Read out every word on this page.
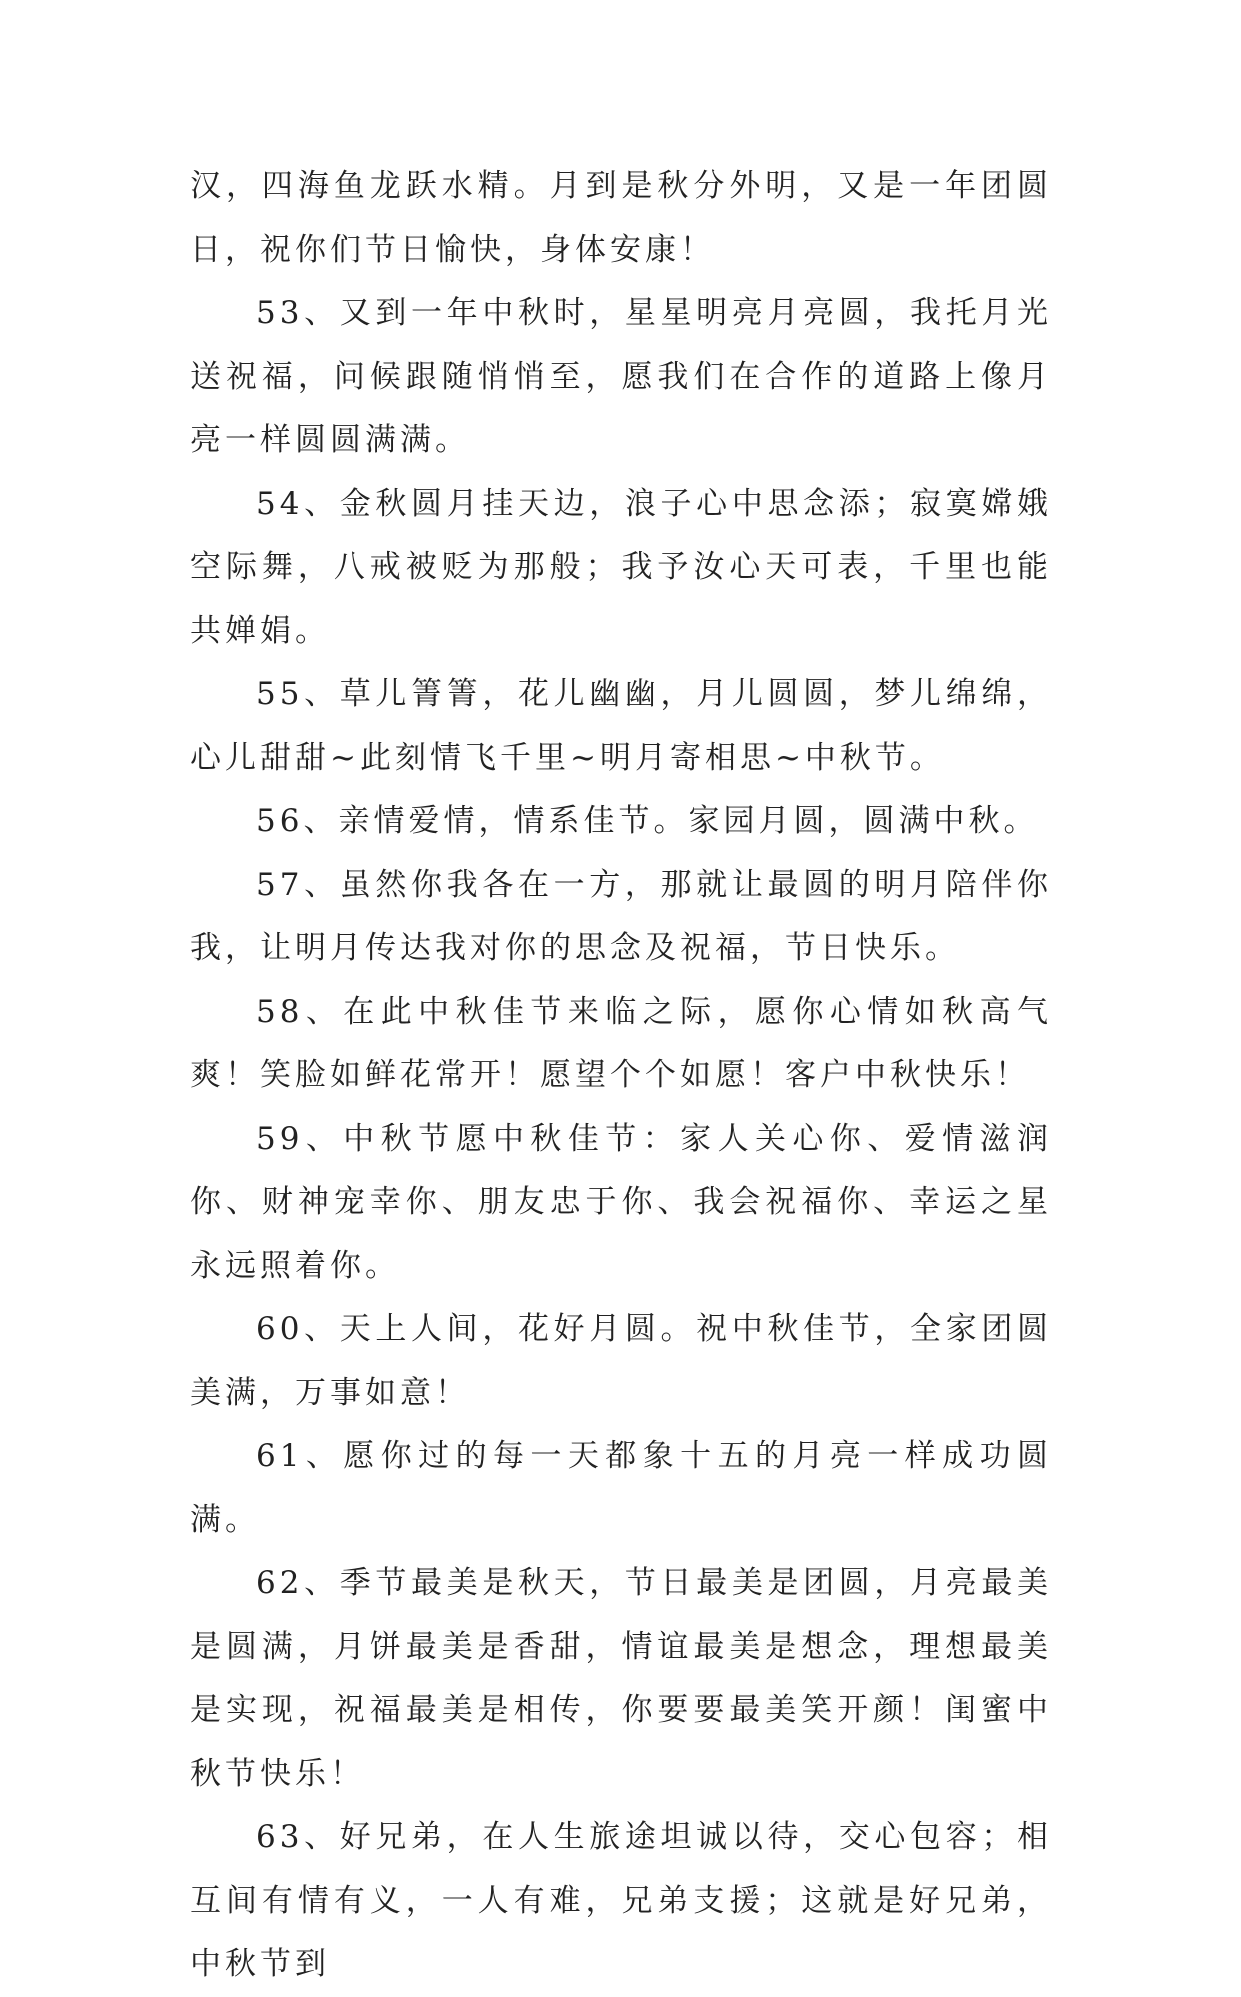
汉，四海鱼龙跃水精。月到是秋分外明，又是一年团圆日，祝你们节日愉快，身体安康！

53、又到一年中秋时，星星明亮月亮圆，我托月光送祝福，问候跟随悄悄至，愿我们在合作的道路上像月亮一样圆圆满满。

54、金秋圆月挂天边，浪子心中思念添；寂寞嫦娥空际舞，八戒被贬为那般；我予汝心天可表，千里也能共婵娟。

55、草儿箐箐，花儿幽幽，月儿圆圆，梦儿绵绵，心儿甜甜~此刻情飞千里~明月寄相思~中秋节。

56、亲情爱情，情系佳节。家园月圆，圆满中秋。

57、虽然你我各在一方，那就让最圆的明月陪伴你我，让明月传达我对你的思念及祝福，节日快乐。

58、在此中秋佳节来临之际，愿你心情如秋高气爽！笑脸如鲜花常开！愿望个个如愿！客户中秋快乐！

59、中秋节愿中秋佳节：家人关心你、爱情滋润你、财神宠幸你、朋友忠于你、我会祝福你、幸运之星永远照着你。

60、天上人间，花好月圆。祝中秋佳节，全家团圆美满，万事如意！

61、愿你过的每一天都象十五的月亮一样成功圆满。

62、季节最美是秋天，节日最美是团圆，月亮最美是圆满，月饼最美是香甜，情谊最美是想念，理想最美是实现，祝福最美是相传，你要要最美笑开颜！闺蜜中秋节快乐！

63、好兄弟，在人生旅途坦诚以待，交心包容；相互间有情有义，一人有难，兄弟支援；这就是好兄弟，中秋节到
